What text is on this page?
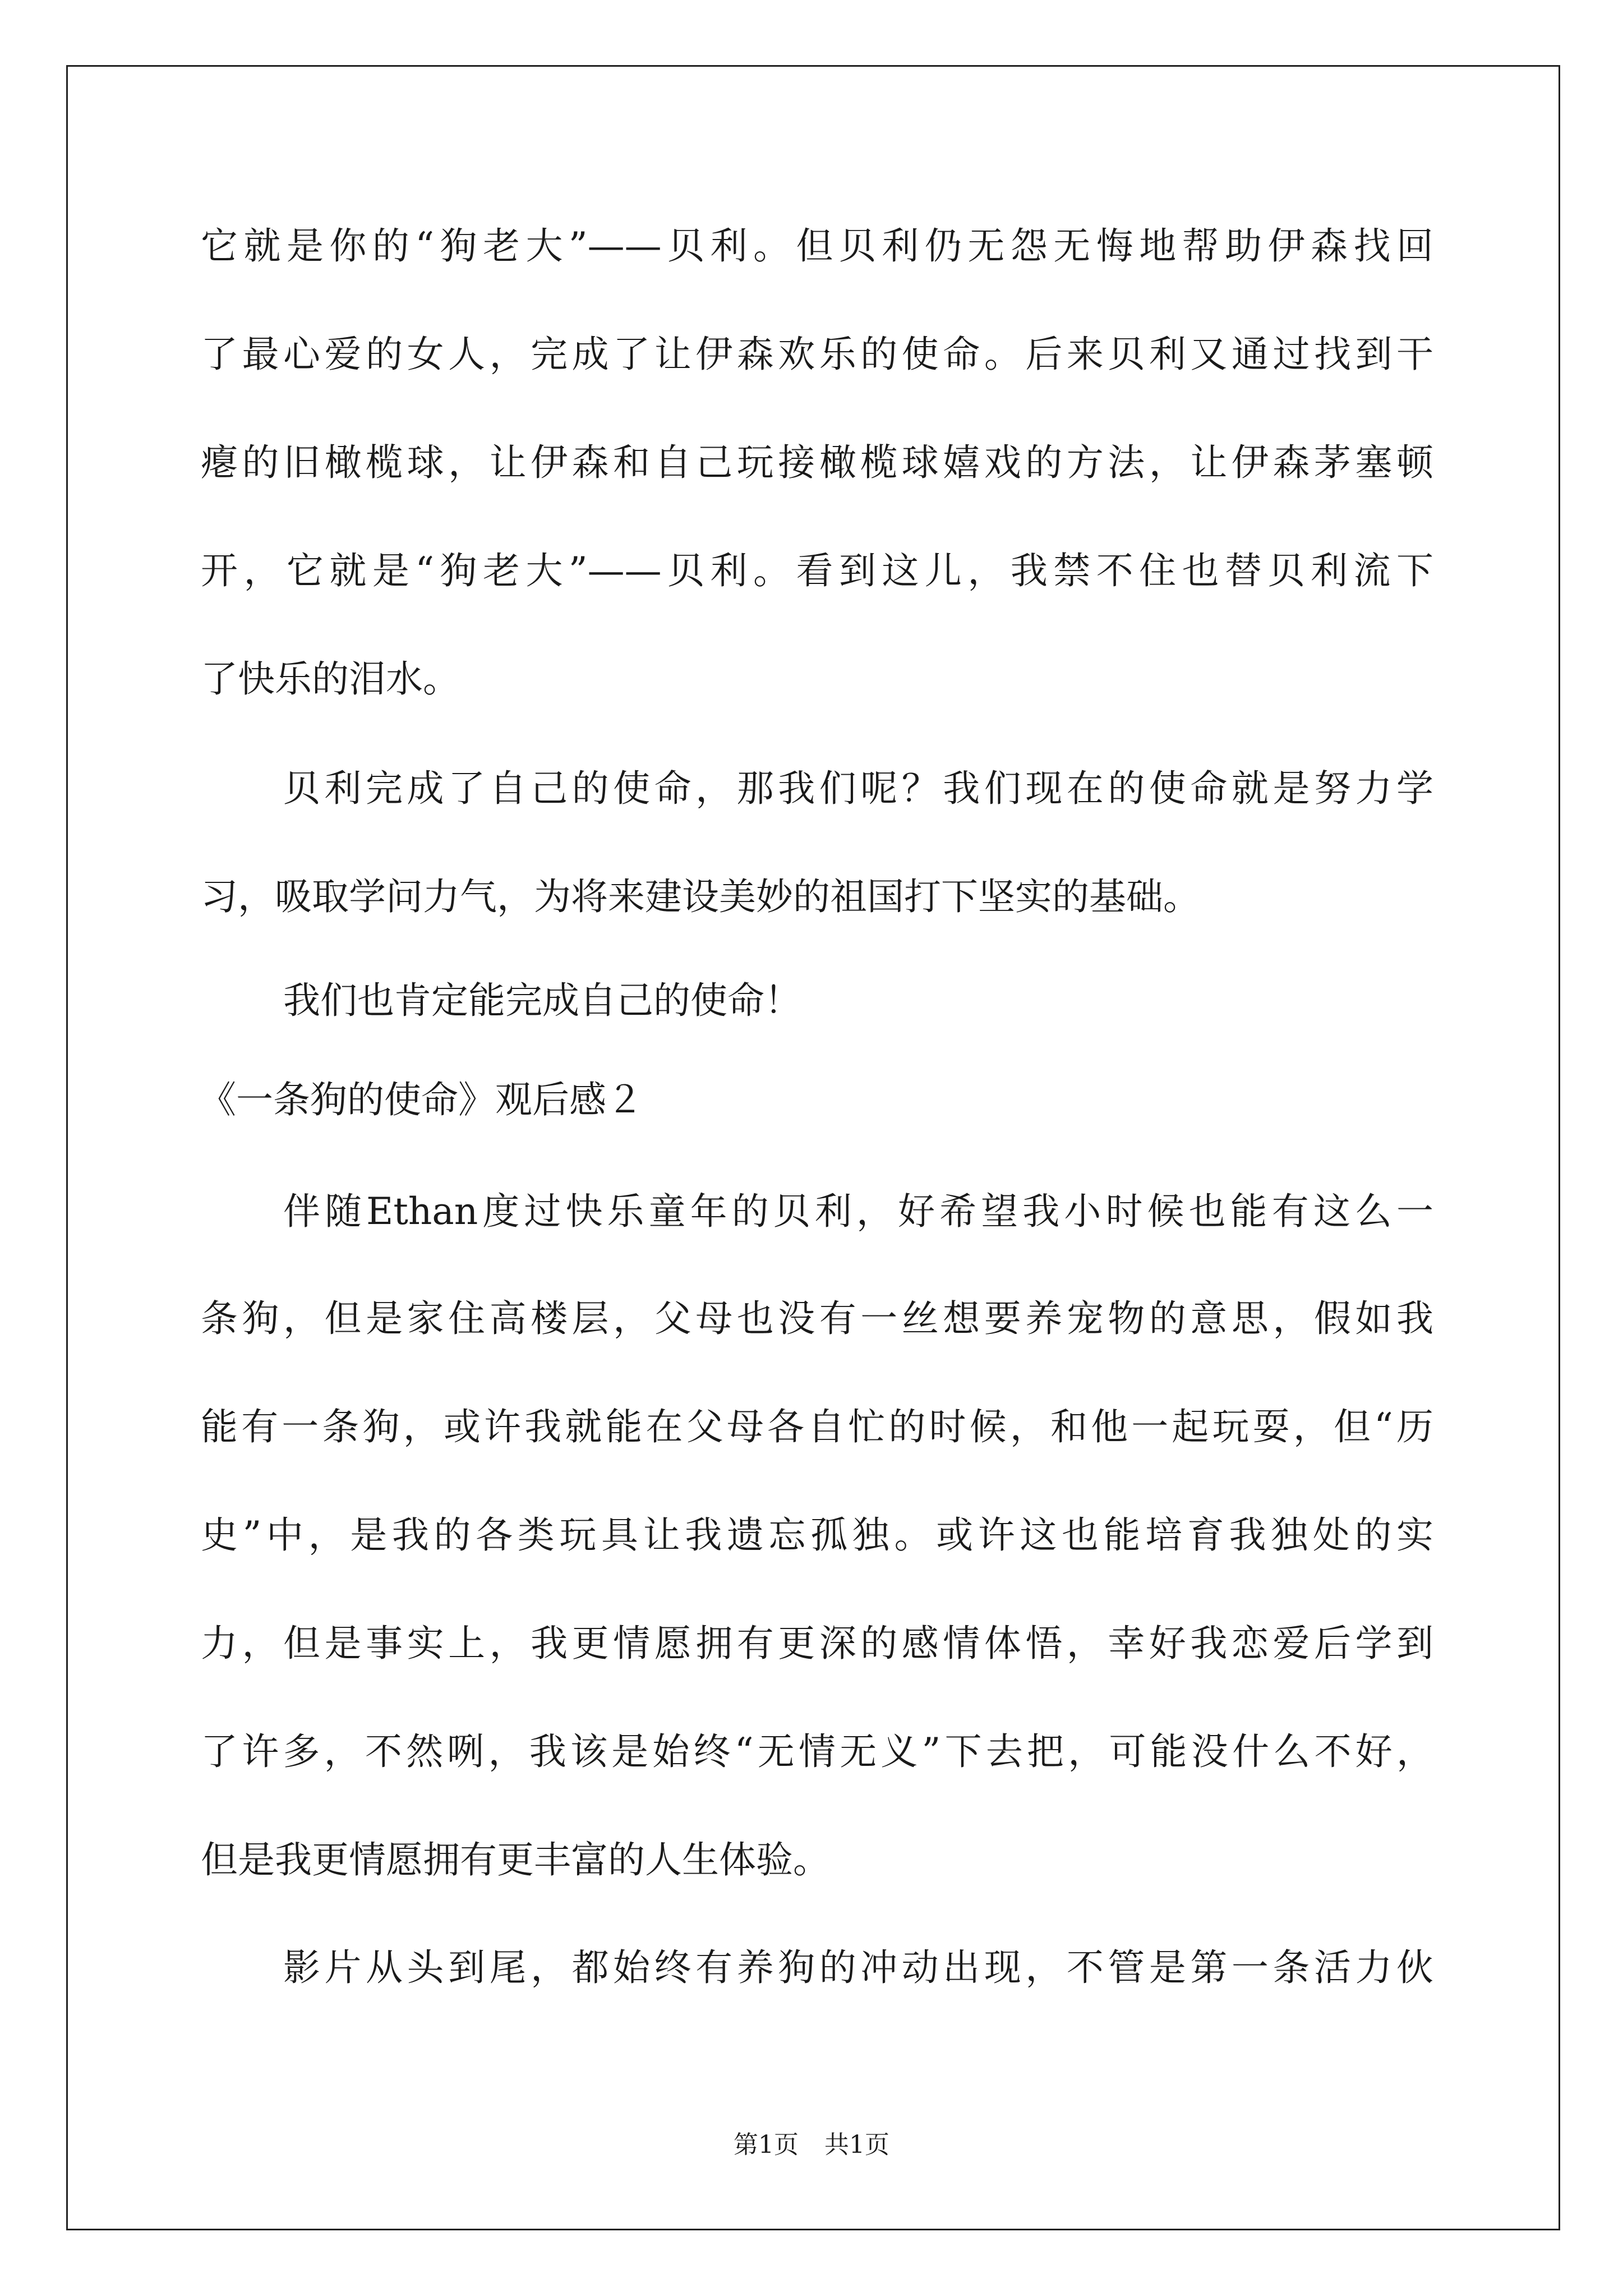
它就是你的“狗老大”——贝利。但贝利仍无怨无悔地帮助伊森找回
了最心爱的女人，完成了让伊森欢乐的使命。后来贝利又通过找到干
瘪的旧橄榄球，让伊森和自己玩接橄榄球嬉戏的方法，让伊森茅塞顿
开，它就是“狗老大”——贝利。看到这儿，我禁不住也替贝利流下
了快乐的泪水。
贝利完成了自己的使命，那我们呢？我们现在的使命就是努力学
习，吸取学问力气，为将来建设美妙的祖国打下坚实的基础。
我们也肯定能完成自己的使命！
《一条狗的使命》观后感２
伴随Ethan度过快乐童年的贝利，好希望我小时候也能有这么一
条狗，但是家住高楼层，父母也没有一丝想要养宠物的意思，假如我
能有一条狗，或许我就能在父母各自忙的时候，和他一起玩耍，但“历
史”中，是我的各类玩具让我遗忘孤独。或许这也能培育我独处的实
力，但是事实上，我更情愿拥有更深的感情体悟，幸好我恋爱后学到
了许多，不然咧，我该是始终“无情无义”下去把，可能没什么不好，
但是我更情愿拥有更丰富的人生体验。
影片从头到尾，都始终有养狗的冲动出现，不管是第一条活力伙
第1页 共1页
